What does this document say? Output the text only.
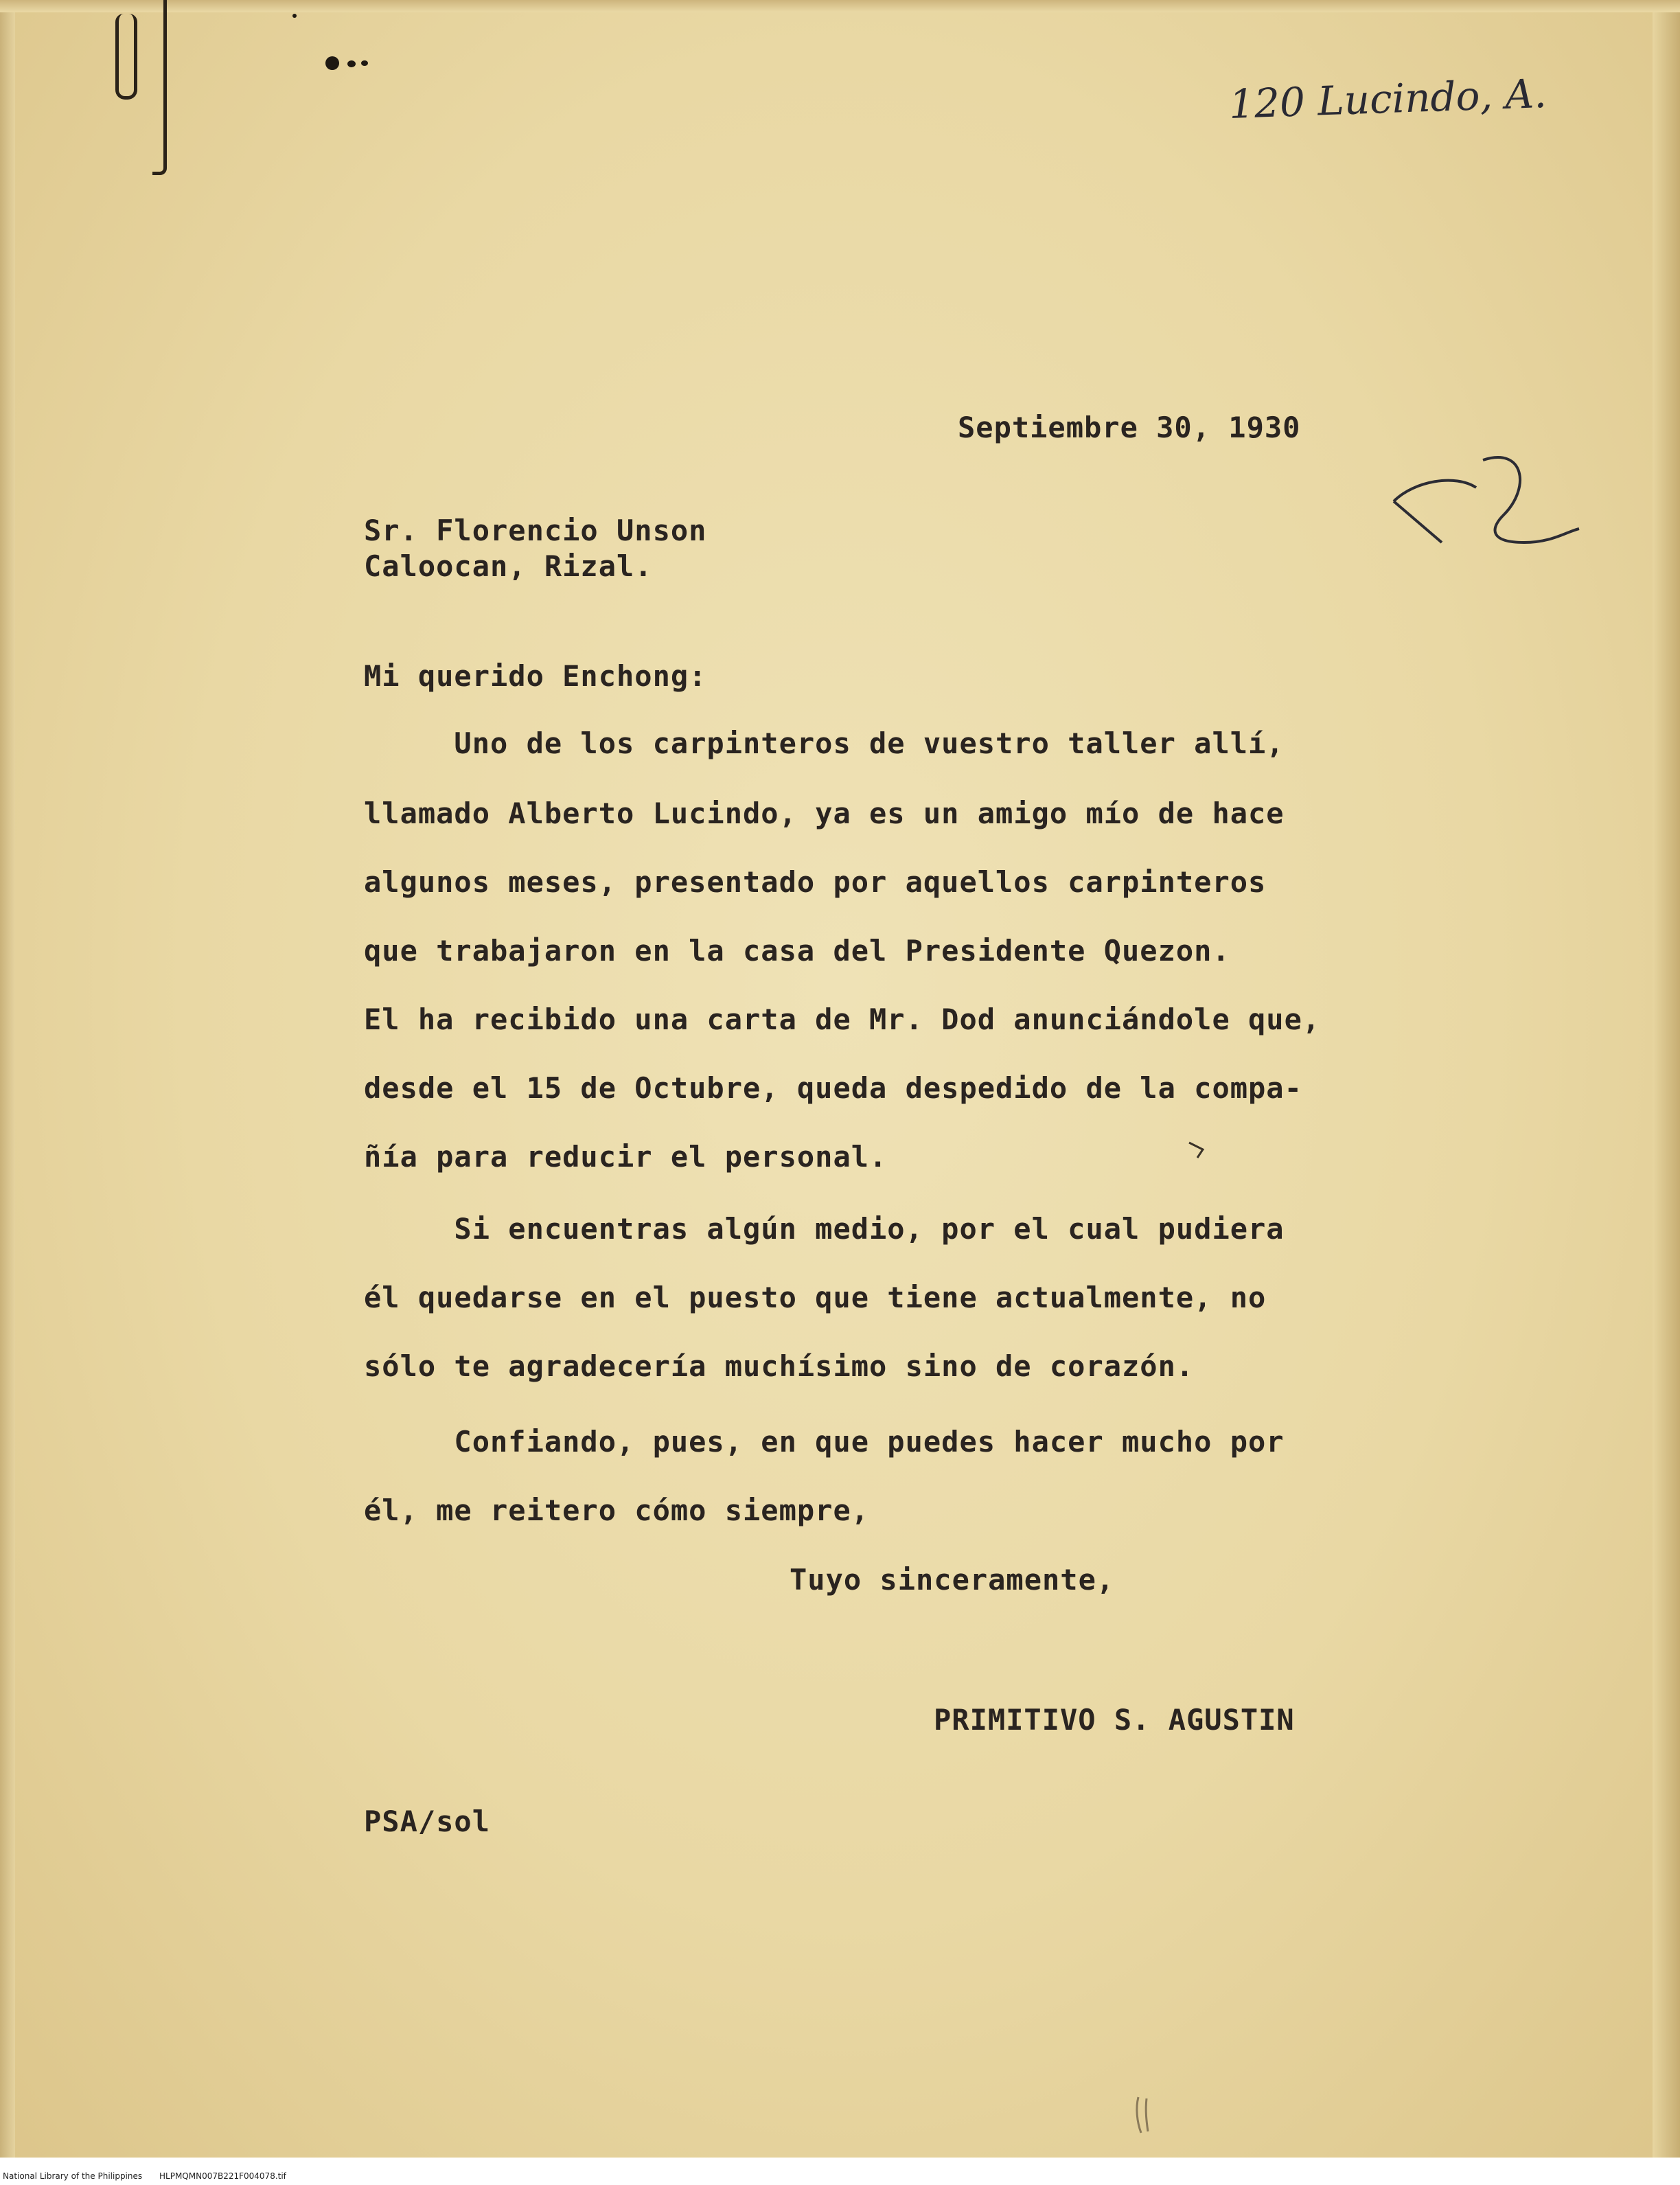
120 Lucindo, A.
Septiembre 30, 1930
Sr. Florencio Unson
Caloocan, Rizal.
Mi querido Enchong:
Uno de los carpinteros de vuestro taller allí,
llamado Alberto Lucindo, ya es un amigo mío de hace
algunos meses, presentado por aquellos carpinteros
que trabajaron en la casa del Presidente Quezon.
El ha recibido una carta de Mr. Dod anunciándole que,
desde el 15 de Octubre, queda despedido de la compa-
ñía para reducir el personal.
Si encuentras algún medio, por el cual pudiera
él quedarse en el puesto que tiene actualmente, no
sólo te agradecería muchísimo sino de corazón.
Confiando, pues, en que puedes hacer mucho por
él, me reitero cómo siempre,
Tuyo sinceramente,
PRIMITIVO S. AGUSTIN
PSA/sol
National Library of the Philippines HLPMQMN007B221F004078.tif
